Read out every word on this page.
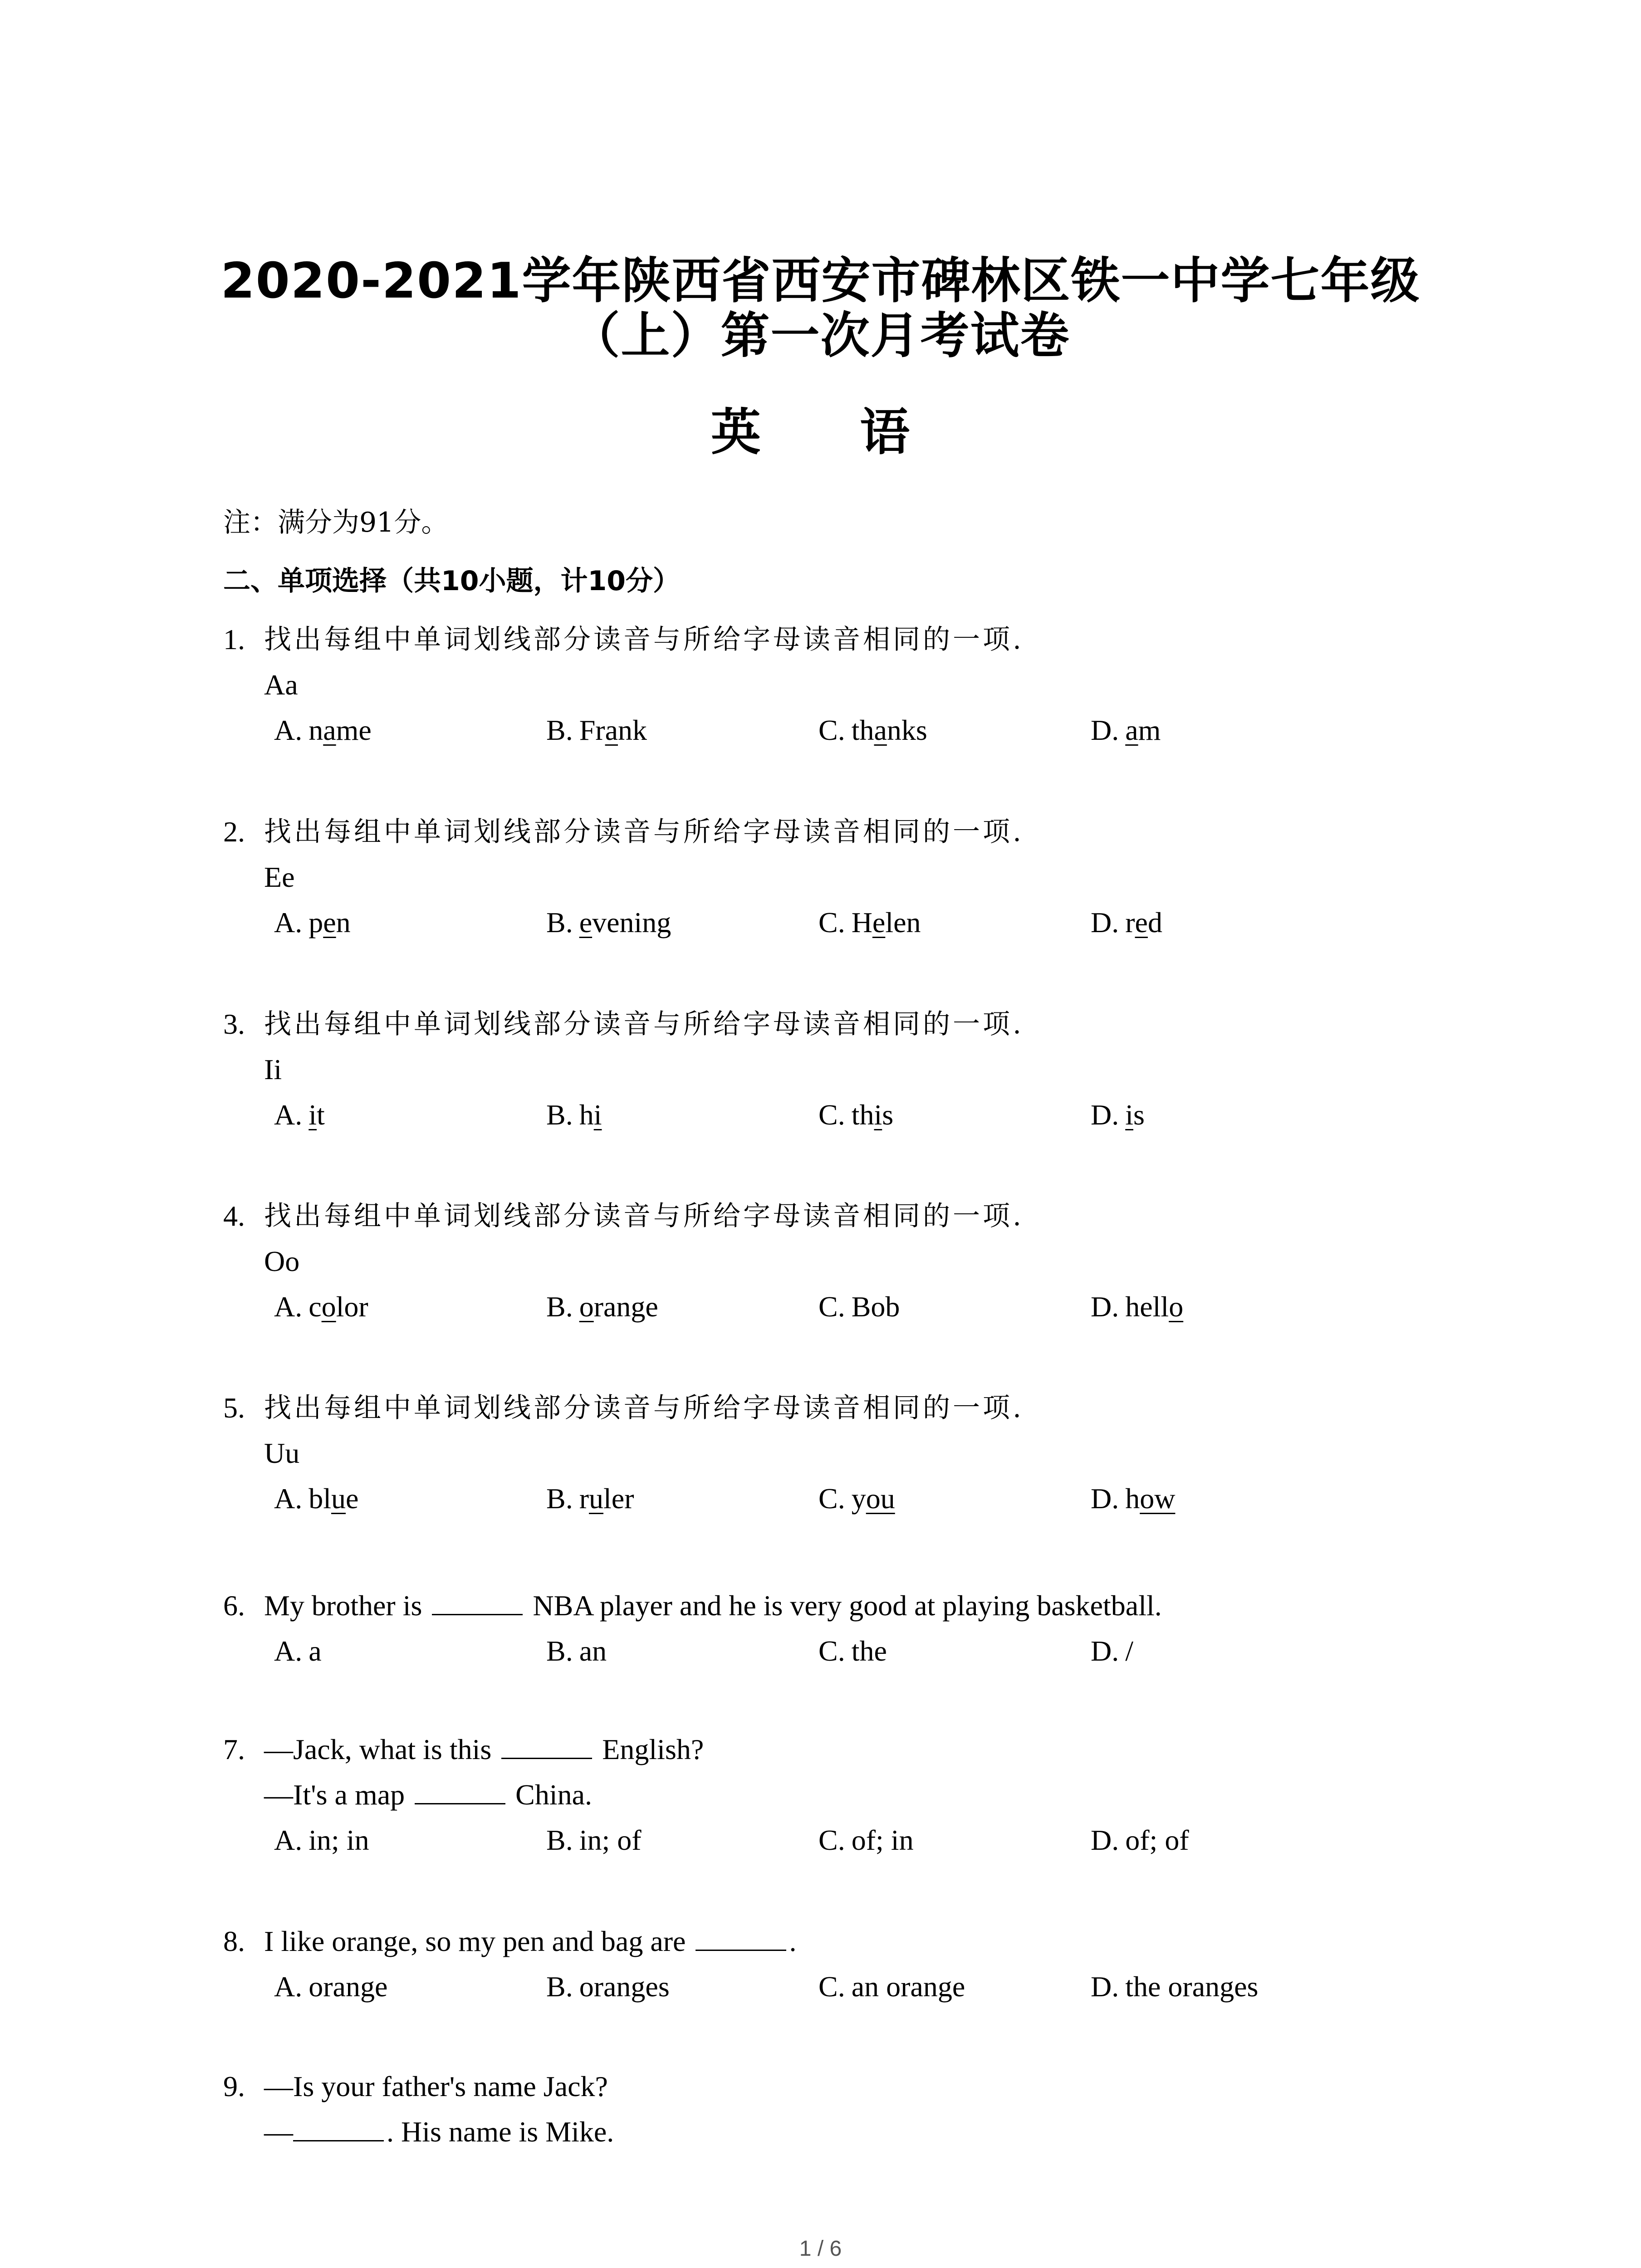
2020-2021学年陕西省西安市碑林区铁一中学七年级
（上）第一次月考试卷
英 语
注：满分为91分。
二、单项选择（共10小题，计10分）
1. 找出每组中单词划线部分读音与所给字母读音相同的一项.
Aa
A. name	B. Frank	C. thanks	D. am
2. 找出每组中单词划线部分读音与所给字母读音相同的一项.
Ee
A. pen	B. evening	C. Helen	D. red
3. 找出每组中单词划线部分读音与所给字母读音相同的一项.
Ii
A. it	B. hi	C. this	D. is
4. 找出每组中单词划线部分读音与所给字母读音相同的一项.
Oo
A. color	B. orange	C. Bob	D. hello
5. 找出每组中单词划线部分读音与所给字母读音相同的一项.
Uu
A. blue	B. ruler	C. you	D. how
6. My brother is	NBA player and he is very good at playing basketball.
A. a	B. an	C. the	D. /
7. —Jack, what is this	English?
—It's a map	China.
A. in; in	B. in; of	C. of; in	D. of; of
8. I like orange, so my pen and bag are	.
A. orange	B. oranges	C. an orange	D. the oranges
9. —Is your father's name Jack?
—	. His name is Mike.
1 / 6
